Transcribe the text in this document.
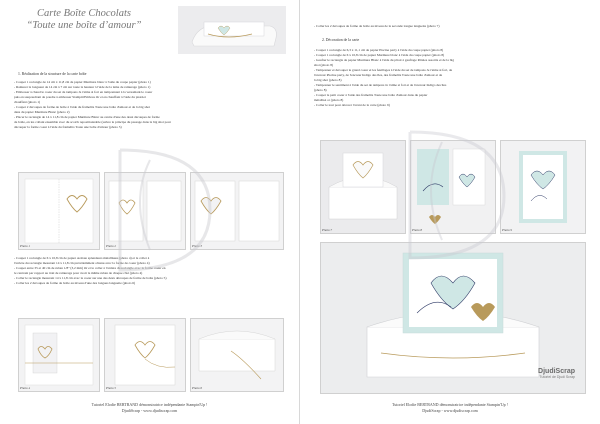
Carte Boîte Chocolats
“Toute une boîte d’amour”
1. Réalisation de la structure de la carte boîte
- Couper 1 rectangle de 14 cm x 11,8 cm de papier Murmure blanc à l'aide du coupe papier (photo 1)
- Rainurer la longueur de 14 cm à 7 cm sur toute la hauteur à l'aide de la lame de rainurage (photo 1)
- Embosser à chaud le coeur du set de tampons Je t'aime si fort en tamponnant à la versamark le coeur
puis en saupoudrant de poudre à embosser Stampin'Emboss Or et en chauffant à l'aide du pistolet
chauffant (photo 1)
- Couper 2 découpes de forme de boîte à l'aide du framelits Toute une boîte d'amour et de la big shot
dans du papier Murmure Blanc (photo 2)
- Placer le rectangle de 14 x 11,8 cm de papier Murmure Blanc au centre d'une des deux découpes de forme
de boîte, en les collant ensemble avec du scotch repositionnable (suivre le principe du passage dans la big shot pour
découper la forme coeur à l'aide du framelits Toute une boîte d'amour (photo 3)
Photo 1	Photo 2	Photo 3
- Couper 1 rectangle de 6 x 10,8 cm de papier Acétate splendeurs métallisées (photo 4) et le coller à
l'arrière du rectangle mesurant 14 x 11,8 cm précédemment obtenu avec la forme de coeur (photo 4)
- Couper entre 35 et 40 cm de ruban 1/8" (3,2 mm) Or et le coller à l'arrière du rectangle avec la forme coeur en
le centrant par rapport au trait de rainurage pour avoir le même ruban de chaque côté (photo 4)
- Coller le rectangle mesurant 14 x 11,8 cm avec le coeur sur une des deux découpes de forme de boîte (photo 5)
- Coller les 2 découpes de forme de boîte au niveau d'une des longues languette (photo 6)
Photo 4	Photo 5	Photo 6
Tutoriel Elodie BERTRAND démonstratrice indépendante Stampin'Up !
DjudiScrap - www.djudiscrap.com
- Coller les 2 découpes de forme de boîte au niveau de la seconde longue languette (photo 7)
2. Décoration de la carte
- Couper 1 rectangle de 6,3 x 11,1 cm de papier Piscine party à l'aide du coupe papier (photo 8)
- Couper 1 rectangle de 6 x 10,8 cm de papier Murmure blanc à l'aide du coupe papier (photo 8)
- Gaufrer le rectangle de papier Murmure Blanc à l'aide du plioir à gaufrage Pétales assortis et de la big
shot (photo 8)
- Tamponner et découper le grand coeur et les feuillages à l'aide du set de tampons Je t'aime si fort, de
l'encreur Piscine party, de l'encreur Indigo des îles, des framelits Toute une boîte d'amour et de
la big shot (photo 8)
- Tamponner le sentiment à l'aide du set de tampons Je t'aime si fort et de l'encreur Indigo des îles
(photo 8)
- Couper le petit coeur à l'aide des framelits Toute une boîte d'amour dans du papier
métallisé or (photo 8)
- Coller le tout pour décorer l'avant de la carte (photo 9)
Photo 7	Photo 8	Photo 9
DjudiScrap
Tutoriel de Djudi Scrap
Tutoriel Elodie BERTRAND démonstratrice indépendante Stampin'Up !
DjudiScrap - www.djudiscrap.com
